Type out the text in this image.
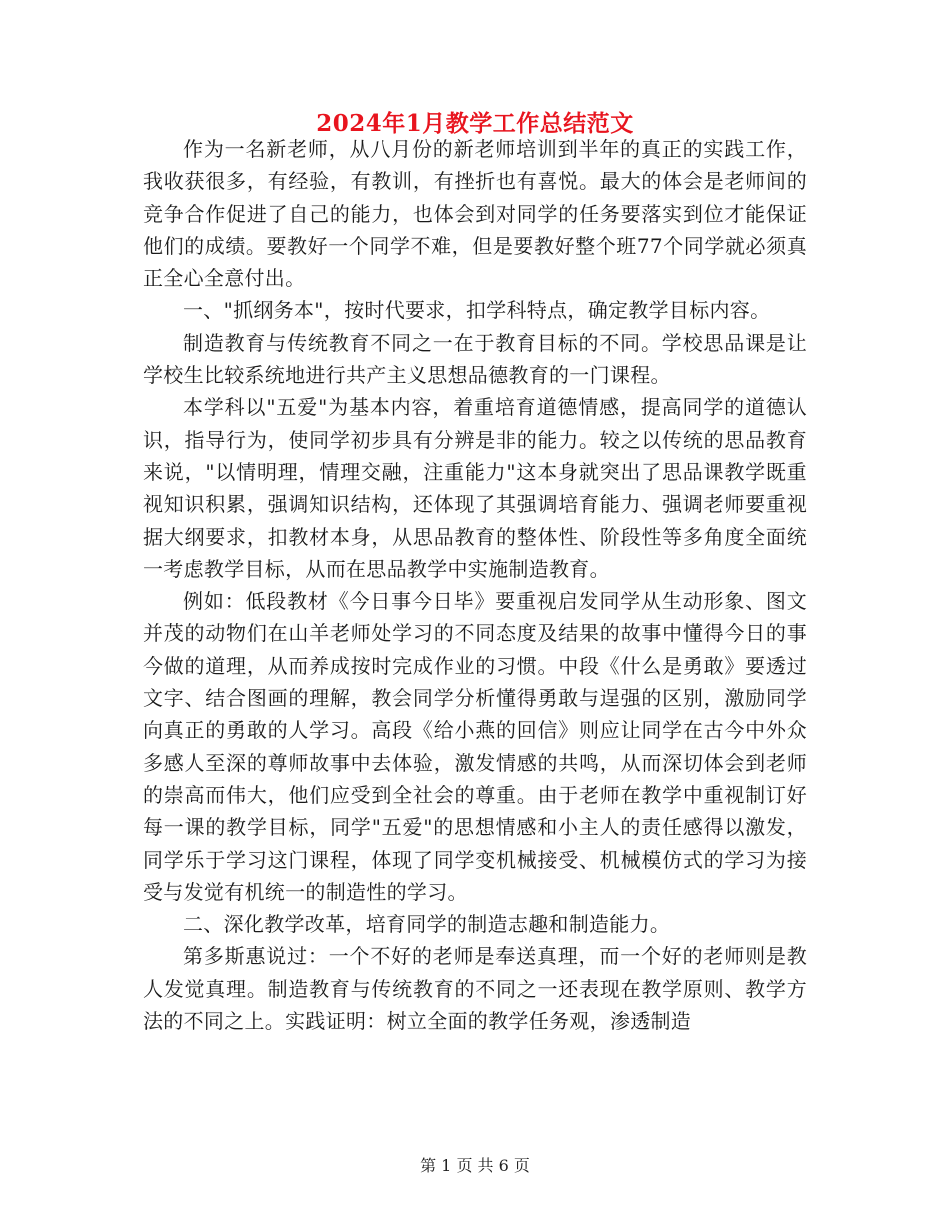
2024年1月教学工作总结范文

作为一名新老师，从八月份的新老师培训到半年的真正的实践工作，我收获很多，有经验，有教训，有挫折也有喜悦。最大的体会是老师间的竞争合作促进了自己的能力，也体会到对同学的任务要落实到位才能保证他们的成绩。要教好一个同学不难，但是要教好整个班77个同学就必须真正全心全意付出。

一、"抓纲务本"，按时代要求，扣学科特点，确定教学目标内容。

制造教育与传统教育不同之一在于教育目标的不同。学校思品课是让学校生比较系统地进行共产主义思想品德教育的一门课程。

本学科以"五爱"为基本内容，着重培育道德情感，提高同学的道德认识，指导行为，使同学初步具有分辨是非的能力。较之以传统的思品教育来说，"以情明理，情理交融，注重能力"这本身就突出了思品课教学既重视知识积累，强调知识结构，还体现了其强调培育能力、强调老师要重视据大纲要求，扣教材本身，从思品教育的整体性、阶段性等多角度全面统一考虑教学目标，从而在思品教学中实施制造教育。

例如：低段教材《今日事今日毕》要重视启发同学从生动形象、图文并茂的动物们在山羊老师处学习的不同态度及结果的故事中懂得今日的事今做的道理，从而养成按时完成作业的习惯。中段《什么是勇敢》要透过文字、结合图画的理解，教会同学分析懂得勇敢与逞强的区别，激励同学向真正的勇敢的人学习。高段《给小燕的回信》则应让同学在古今中外众多感人至深的尊师故事中去体验，激发情感的共鸣，从而深切体会到老师的崇高而伟大，他们应受到全社会的尊重。由于老师在教学中重视制订好每一课的教学目标，同学"五爱"的思想情感和小主人的责任感得以激发，同学乐于学习这门课程，体现了同学变机械接受、机械模仿式的学习为接受与发觉有机统一的制造性的学习。

二、深化教学改革，培育同学的制造志趣和制造能力。

第多斯惠说过：一个不好的老师是奉送真理，而一个好的老师则是教人发觉真理。制造教育与传统教育的不同之一还表现在教学原则、教学方法的不同之上。实践证明：树立全面的教学任务观，渗透制造

第 1 页 共 6 页
